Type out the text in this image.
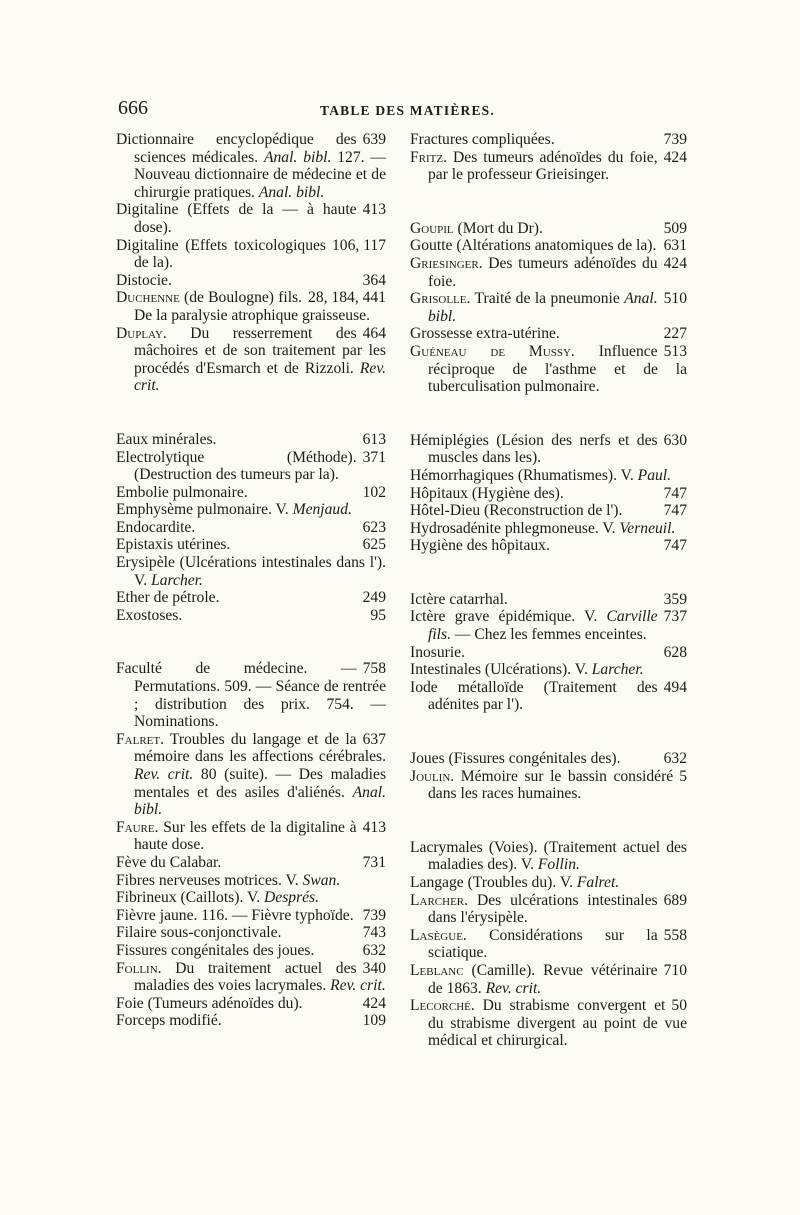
666	TABLE DES MATIÈRES.
639
Dictionnaire encyclopédique des sciences médicales. Anal. bibl. 127. — Nouveau dictionnaire de médecine et de chirurgie pratiques. Anal. bibl.
413
Digitaline (Effets de la — à haute dose).
106, 117
Digitaline (Effets toxicologiques de la).
364
Distocie.
28, 184, 441
Duchenne (de Boulogne) fils. De la paralysie atrophique graisseuse.
464
Duplay. Du resserrement des mâchoires et de son traitement par les procédés d'Esmarch et de Rizzoli. Rev. crit.
613
Eaux minérales.
371
Electrolytique (Méthode). (Destruction des tumeurs par la).
102
Embolie pulmonaire.
Emphysème pulmonaire. V. Menjaud.
623
Endocardite.
625
Epistaxis utérines.
Erysipèle (Ulcérations intestinales dans l'). V. Larcher.
249
Ether de pétrole.
95
Exostoses.
758
Faculté de médecine. — Permutations. 509. — Séance de rentrée ; distribution des prix. 754. — Nominations.
637
Falret. Troubles du langage et de la mémoire dans les affections cérébrales. Rev. crit. 80 (suite). — Des maladies mentales et des asiles d'aliénés. Anal. bibl.
413
Faure. Sur les effets de la digitaline à haute dose.
731
Fève du Calabar.
Fibres nerveuses motrices. V. Swan.
Fibrineux (Caillots). V. Després.
739
Fièvre jaune. 116. — Fièvre typhoïde.
743
Filaire sous-conjonctivale.
632
Fissures congénitales des joues.
340
Follin. Du traitement actuel des maladies des voies lacrymales. Rev. crit.
424
Foie (Tumeurs adénoïdes du).
109
Forceps modifié.
739
Fractures compliquées.
424
Fritz. Des tumeurs adénoïdes du foie, par le professeur Grieisinger.
509
Goupil (Mort du Dr).
631
Goutte (Altérations anatomiques de la).
424
Griesinger. Des tumeurs adénoïdes du foie.
510
Grisolle. Traité de la pneumonie Anal. bibl.
227
Grossesse extra-utérine.
513
Guéneau de Mussy. Influence réciproque de l'asthme et de la tuberculisation pulmonaire.
630
Hémiplégies (Lésion des nerfs et des muscles dans les).
Hémorrhagiques (Rhumatismes). V. Paul.
747
Hôpitaux (Hygiène des).
747
Hôtel-Dieu (Reconstruction de l').
Hydrosadénite phlegmoneuse. V. Verneuil.
747
Hygiène des hôpitaux.
359
Ictère catarrhal.
737
Ictère grave épidémique. V. Carville fils. — Chez les femmes enceintes.
628
Inosurie.
Intestinales (Ulcérations). V. Larcher.
494
Iode métalloïde (Traitement des adénites par l').
632
Joues (Fissures congénitales des).
5
Joulin. Mémoire sur le bassin considéré dans les races humaines.
Lacrymales (Voies). (Traitement actuel des maladies des). V. Follin.
Langage (Troubles du). V. Falret.
689
Larcher. Des ulcérations intestinales dans l'érysipèle.
558
Lasègue. Considérations sur la sciatique.
710
Leblanc (Camille). Revue vétérinaire de 1863. Rev. crit.
50
Lecorché. Du strabisme convergent et du strabisme divergent au point de vue médical et chirurgical.
